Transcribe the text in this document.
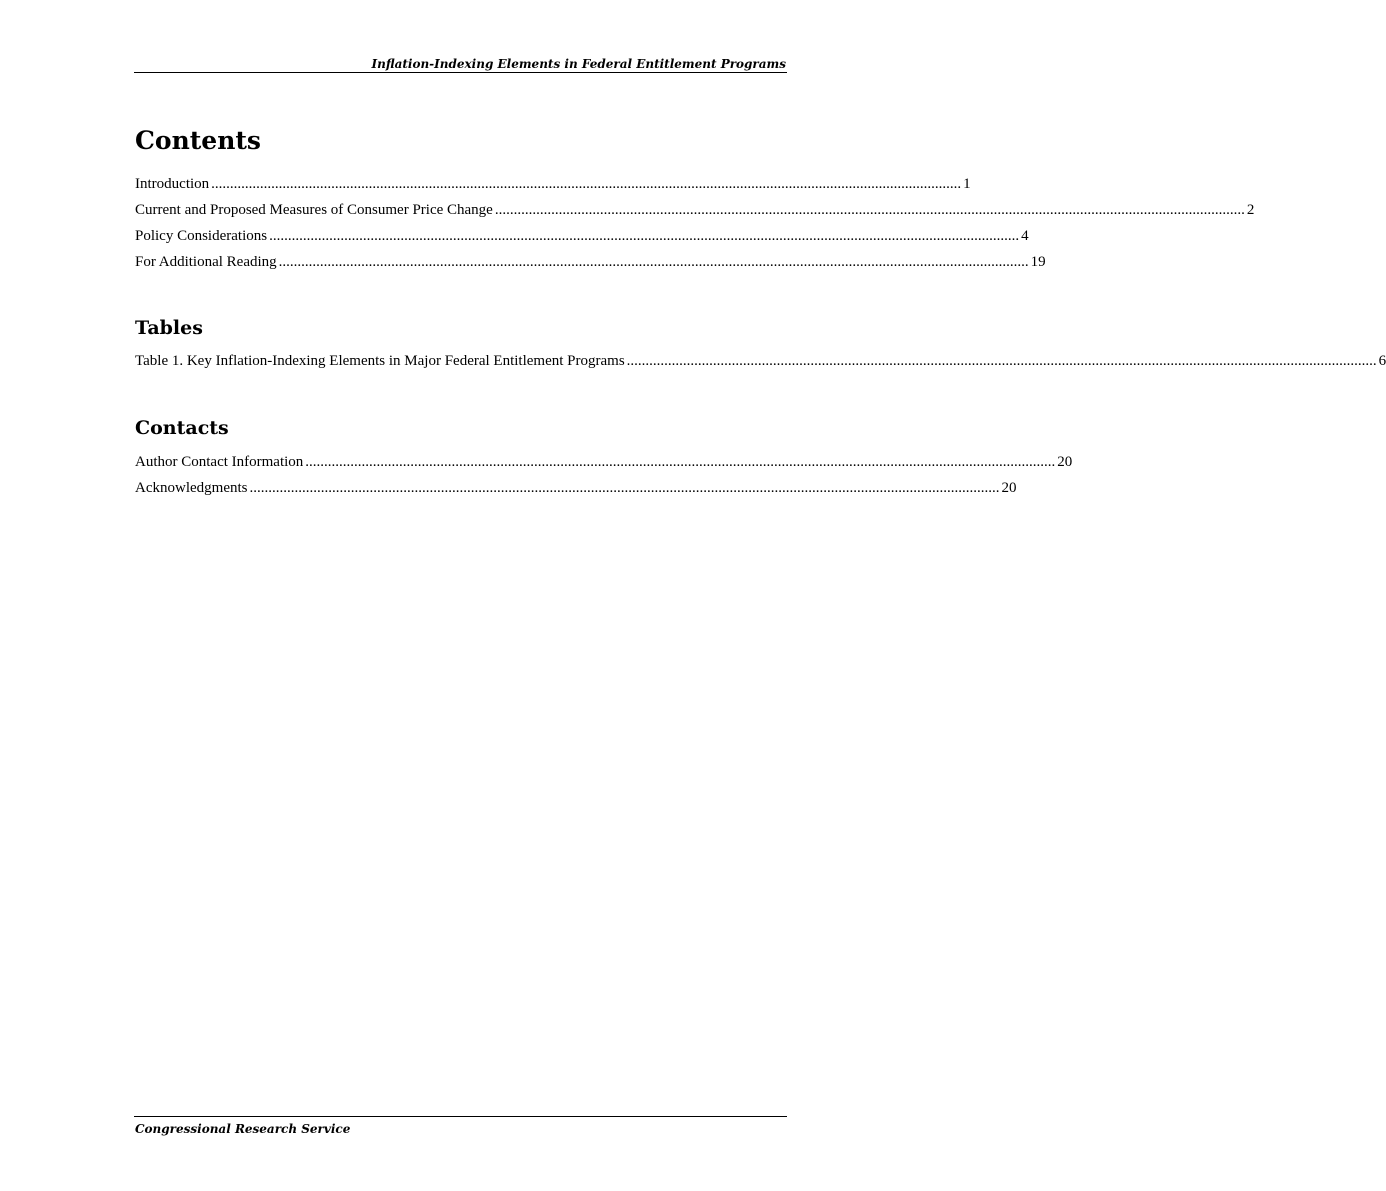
Inflation-Indexing Elements in Federal Entitlement Programs
Contents
Introduction ........................................................................................................................................................................................................ 1
Current and Proposed Measures of Consumer Price Change ........................................................................................................................................................................................................ 2
Policy Considerations ........................................................................................................................................................................................................ 4
For Additional Reading ........................................................................................................................................................................................................ 19
Tables
Table 1. Key Inflation-Indexing Elements in Major Federal Entitlement Programs ........................................................................................................................................................................................................ 6
Contacts
Author Contact Information ........................................................................................................................................................................................................ 20
Acknowledgments ........................................................................................................................................................................................................ 20
Congressional Research Service
